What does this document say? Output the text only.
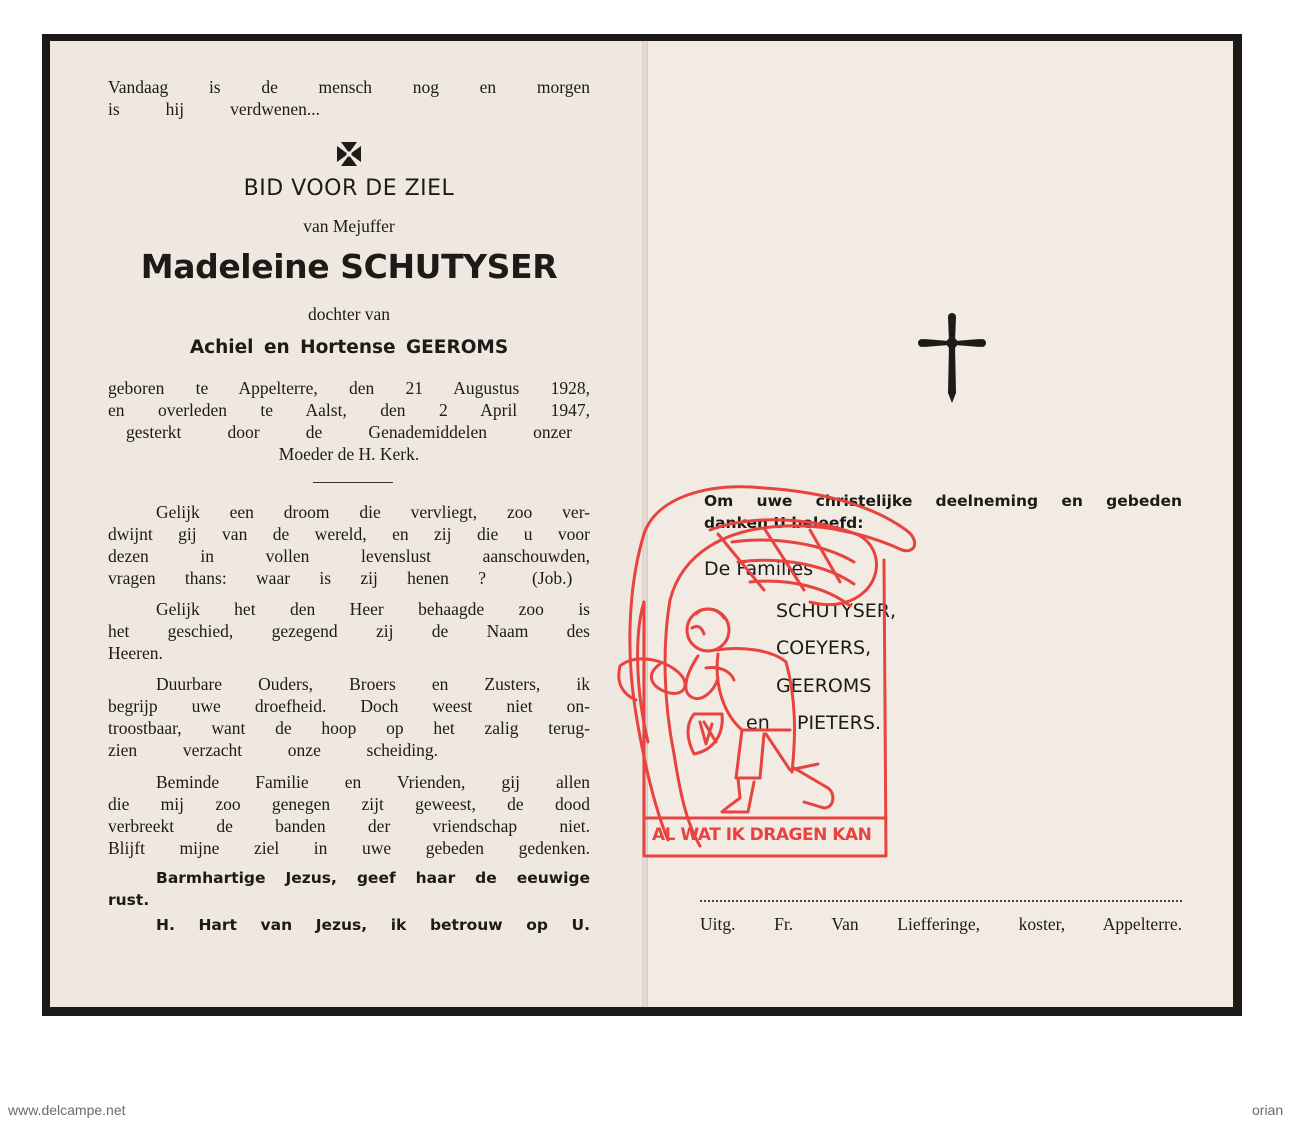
Vandaag is de mensch nog en morgen
is hij verdwenen...
BID VOOR DE ZIEL
van Mejuffer
Madeleine SCHUTYSER
dochter van
Achiel en Hortense GEEROMS
geboren te Appelterre, den 21 Augustus 1928,
en overleden te Aalst, den 2 April 1947,
gesterkt door de Genademiddelen onzer
Moeder de H. Kerk.
Gelijk een droom die vervliegt, zoo ver-
dwijnt gij van de wereld, en zij die u voor
dezen in vollen levenslust aanschouwden,
vragen thans: waar is zij henen ?	(Job.)
Gelijk het den Heer behaagde zoo is
het geschied, gezegend zij de Naam des
Heeren.
Duurbare Ouders, Broers en Zusters, ik
begrijp uwe droefheid. Doch weest niet on-
troostbaar, want de hoop op het zalig terug-
zien verzacht onze scheiding.
Beminde Familie en Vrienden, gij allen
die mij zoo genegen zijt geweest, de dood
verbreekt de banden der vriendschap niet.
Blijft mijne ziel in uwe gebeden gedenken.
Barmhartige Jezus, geef haar de eeuwige
rust.
H. Hart van Jezus, ik betrouw op U.
Om uwe christelijke deelneming en gebeden
danken U beleefd:
De Families
SCHUTYSER,
COEYERS,
GEEROMS
en PIETERS.
Uitg. Fr. Van Liefferinge, koster, Appelterre.
AL WAT IK DRAGEN KAN
www.delcampe.net	orian
